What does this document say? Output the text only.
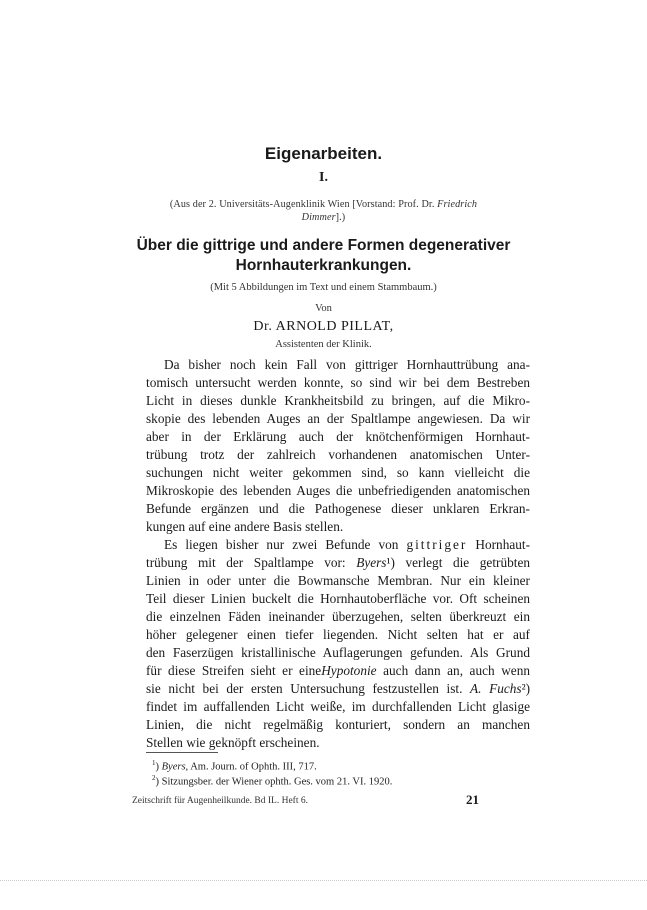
Eigenarbeiten.
I.
(Aus der 2. Universitäts-Augenklinik Wien [Vorstand: Prof. Dr. Friedrich
Dimmer].)
Über die gittrige und andere Formen degenerativer
Hornhauterkrankungen.
(Mit 5 Abbildungen im Text und einem Stammbaum.)
Von
Dr. ARNOLD PILLAT,
Assistenten der Klinik.
Da bisher noch kein Fall von gittriger Hornhauttrübung ana-
tomisch untersucht werden konnte, so sind wir bei dem Bestreben
Licht in dieses dunkle Krankheitsbild zu bringen, auf die Mikro-
skopie des lebenden Auges an der Spaltlampe angewiesen. Da wir
aber in der Erklärung auch der knötchenförmigen Hornhaut-
trübung trotz der zahlreich vorhandenen anatomischen Unter-
suchungen nicht weiter gekommen sind, so kann vielleicht die
Mikroskopie des lebenden Auges die unbefriedigenden anatomischen
Befunde ergänzen und die Pathogenese dieser unklaren Erkran-
kungen auf eine andere Basis stellen.
Es liegen bisher nur zwei Befunde von gittriger Hornhaut-
trübung mit der Spaltlampe vor: Byers¹) verlegt die getrübten
Linien in oder unter die Bowmansche Membran. Nur ein kleiner
Teil dieser Linien buckelt die Hornhautoberfläche vor. Oft scheinen
die einzelnen Fäden ineinander überzugehen, selten überkreuzt ein
höher gelegener einen tiefer liegenden. Nicht selten hat er auf
den Faserzügen kristallinische Auflagerungen gefunden. Als Grund
für diese Streifen sieht er eineHypotonie auch dann an, auch wenn
sie nicht bei der ersten Untersuchung festzustellen ist. A. Fuchs²)
findet im auffallenden Licht weiße, im durchfallenden Licht glasige
Linien, die nicht regelmäßig konturiert, sondern an manchen
Stellen wie geknöpft erscheinen.
$^1$) Byers, Am. Journ. of Ophth. III, 717.
$^2$) Sitzungsber. der Wiener ophth. Ges. vom 21. VI. 1920.
Zeitschrift für Augenheilkunde. Bd IL. Heft 6.	21
